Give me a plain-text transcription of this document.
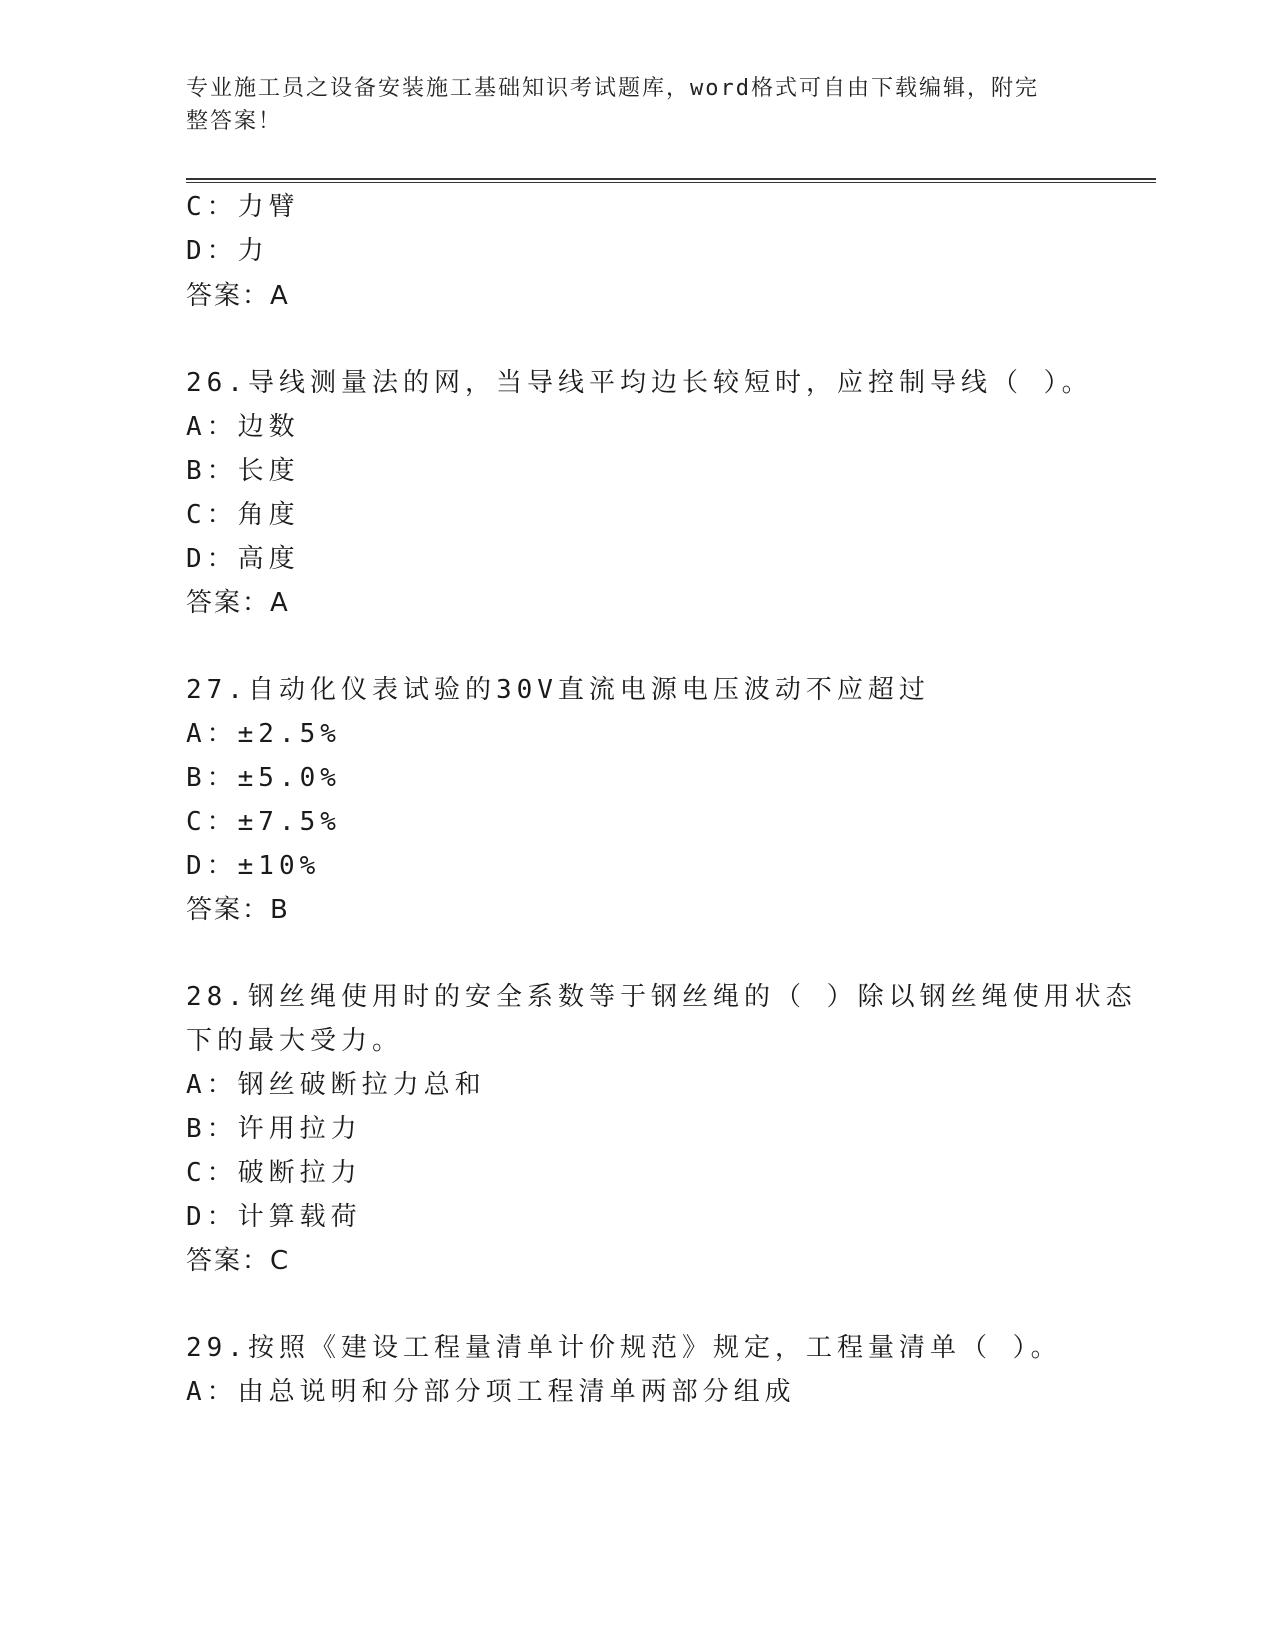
专业施工员之设备安装施工基础知识考试题库，word格式可自由下载编辑，附完
整答案！
C：力臂
D：力
答案：A
26.导线测量法的网，当导线平均边长较短时，应控制导线（ ）。
A：边数
B：长度
C：角度
D：高度
答案：A
27.自动化仪表试验的30V直流电源电压波动不应超过
A：±2.5%
B：±5.0%
C：±7.5%
D：±10%
答案：B
28.钢丝绳使用时的安全系数等于钢丝绳的（ ）除以钢丝绳使用状态
下的最大受力。
A：钢丝破断拉力总和
B：许用拉力
C：破断拉力
D：计算载荷
答案：C
29.按照《建设工程量清单计价规范》规定，工程量清单（ ）。
A：由总说明和分部分项工程清单两部分组成
